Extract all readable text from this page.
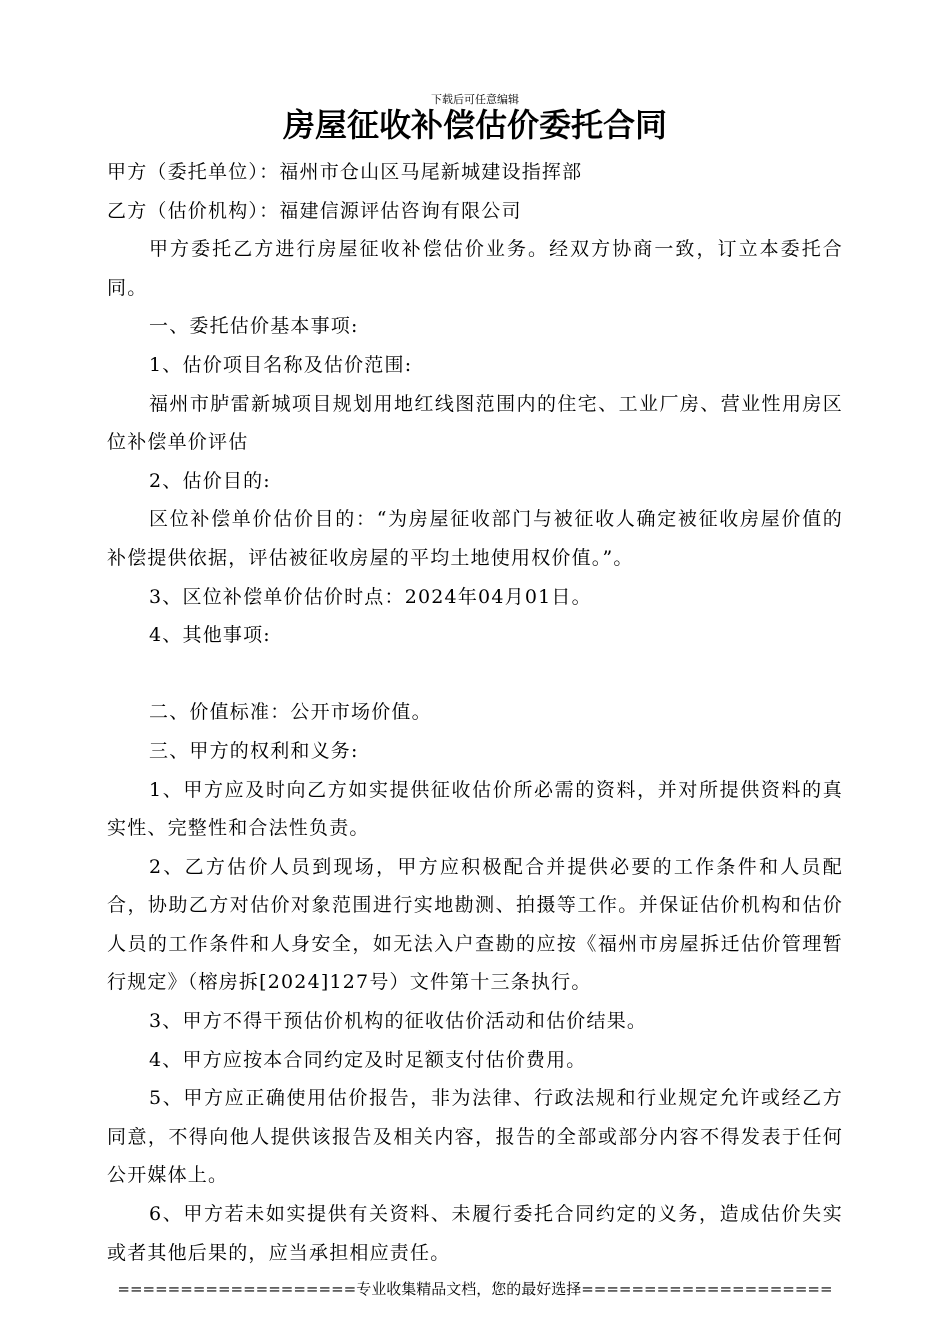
下载后可任意编辑
房屋征收补偿估价委托合同

甲方（委托单位）：福州市仓山区马尾新城建设指挥部

乙方（估价机构）：福建信源评估咨询有限公司

甲方委托乙方进行房屋征收补偿估价业务。经双方协商一致，订立本委托合同。

一、委托估价基本事项:

1、估价项目名称及估价范围:

福州市胪雷新城项目规划用地红线图范围内的住宅、工业厂房、营业性用房区位补偿单价评估

2、估价目的:

区位补偿单价估价目的：“为房屋征收部门与被征收人确定被征收房屋价值的补偿提供依据，评估被征收房屋的平均土地使用权价值。”。

3、区位补偿单价估价时点：2024年04月01日。

4、其他事项:

二、价值标准：公开市场价值。

三、甲方的权利和义务:

1、甲方应及时向乙方如实提供征收估价所必需的资料，并对所提供资料的真实性、完整性和合法性负责。

2、乙方估价人员到现场，甲方应积极配合并提供必要的工作条件和人员配合，协助乙方对估价对象范围进行实地勘测、拍摄等工作。并保证估价机构和估价人员的工作条件和人身安全，如无法入户查勘的应按《福州市房屋拆迁估价管理暂行规定》（榕房拆[2024]127号）文件第十三条执行。

3、甲方不得干预估价机构的征收估价活动和估价结果。

4、甲方应按本合同约定及时足额支付估价费用。

5、甲方应正确使用估价报告，非为法律、行政法规和行业规定允许或经乙方同意，不得向他人提供该报告及相关内容，报告的全部或部分内容不得发表于任何公开媒体上。

6、甲方若未如实提供有关资料、未履行委托合同约定的义务，造成估价失实或者其他后果的，应当承担相应责任。

===================专业收集精品文档，您的最好选择====================
